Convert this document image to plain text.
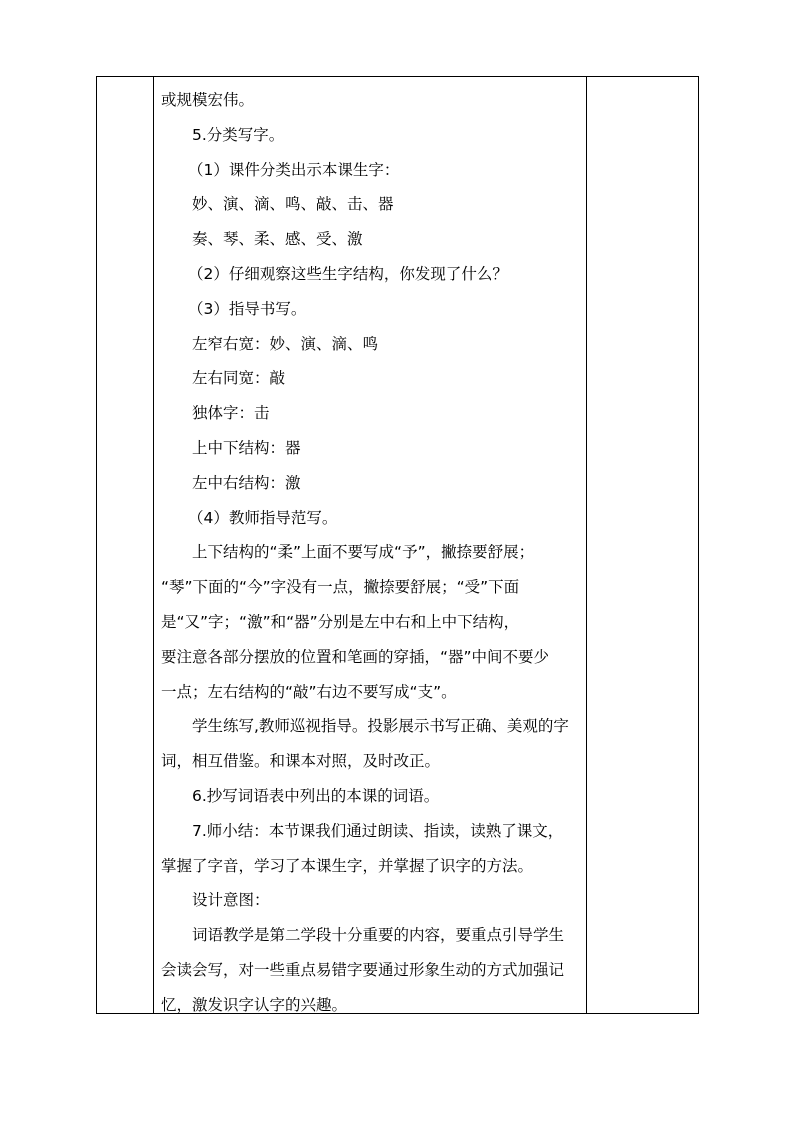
或规模宏伟。

5.分类写字。

（1）课件分类出示本课生字：

妙、演、滴、鸣、敲、击、器

奏、琴、柔、感、受、激

（2）仔细观察这些生字结构，你发现了什么？

（3）指导书写。

左窄右宽：妙、演、滴、鸣

左右同宽：敲

独体字：击

上中下结构：器

左中右结构：激

（4）教师指导范写。

上下结构的“柔”上面不要写成“予”，撇捺要舒展；

“琴”下面的“今”字没有一点，撇捺要舒展；“受”下面

是“又”字；“激”和“器”分别是左中右和上中下结构，

要注意各部分摆放的位置和笔画的穿插，“器”中间不要少

一点；左右结构的“敲”右边不要写成“支”。

学生练写,教师巡视指导。投影展示书写正确、美观的字

词，相互借鉴。和课本对照，及时改正。

6.抄写词语表中列出的本课的词语。

7.师小结：本节课我们通过朗读、指读，读熟了课文，

掌握了字音，学习了本课生字，并掌握了识字的方法。

设计意图：

词语教学是第二学段十分重要的内容，要重点引导学生

会读会写，对一些重点易错字要通过形象生动的方式加强记

忆，激发识字认字的兴趣。
